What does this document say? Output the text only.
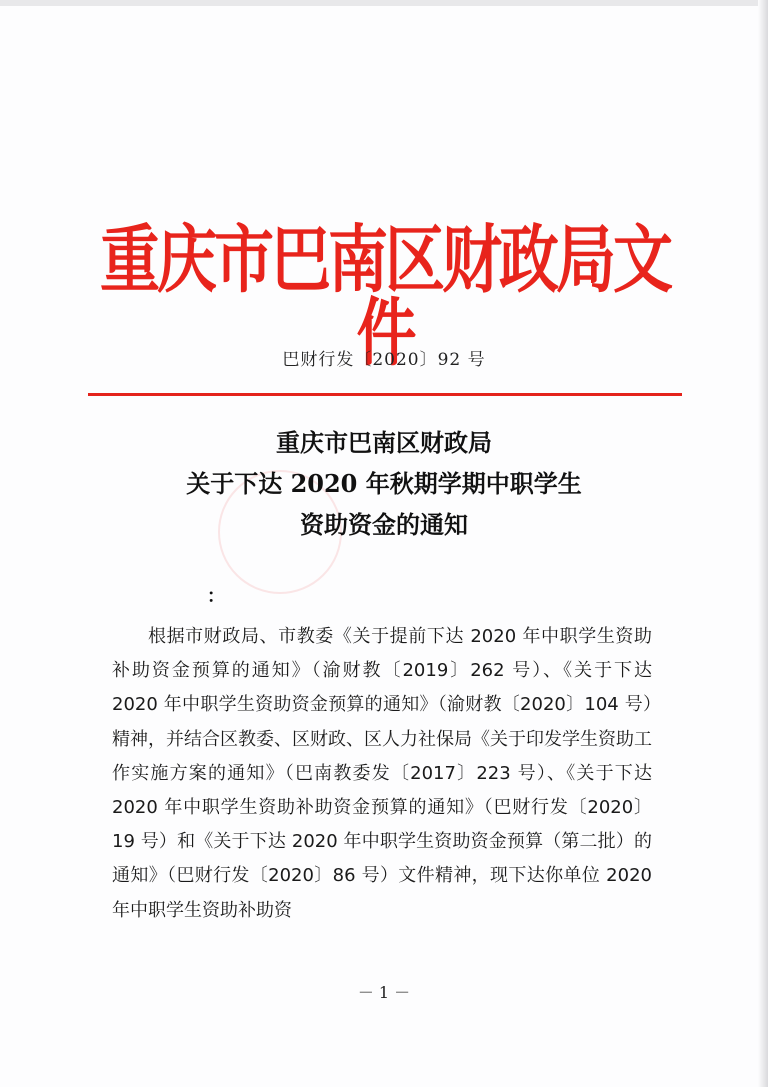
重庆市巴南区财政局文件
巴财行发〔2020〕92 号
重庆市巴南区财政局
关于下达 2020 年秋期学期中职学生
资助资金的通知
：
根据市财政局、市教委《关于提前下达 2020 年中职学生资助补助资金预算的通知》（渝财教〔2019〕262 号）、《关于下达 2020 年中职学生资助资金预算的通知》（渝财教〔2020〕104 号）精神，并结合区教委、区财政、区人力社保局《关于印发学生资助工作实施方案的通知》（巴南教委发〔2017〕223 号）、《关于下达 2020 年中职学生资助补助资金预算的通知》（巴财行发〔2020〕19 号）和《关于下达 2020 年中职学生资助资金预算（第二批）的通知》（巴财行发〔2020〕86 号）文件精神，现下达你单位 2020 年中职学生资助补助资
－ 1 －
